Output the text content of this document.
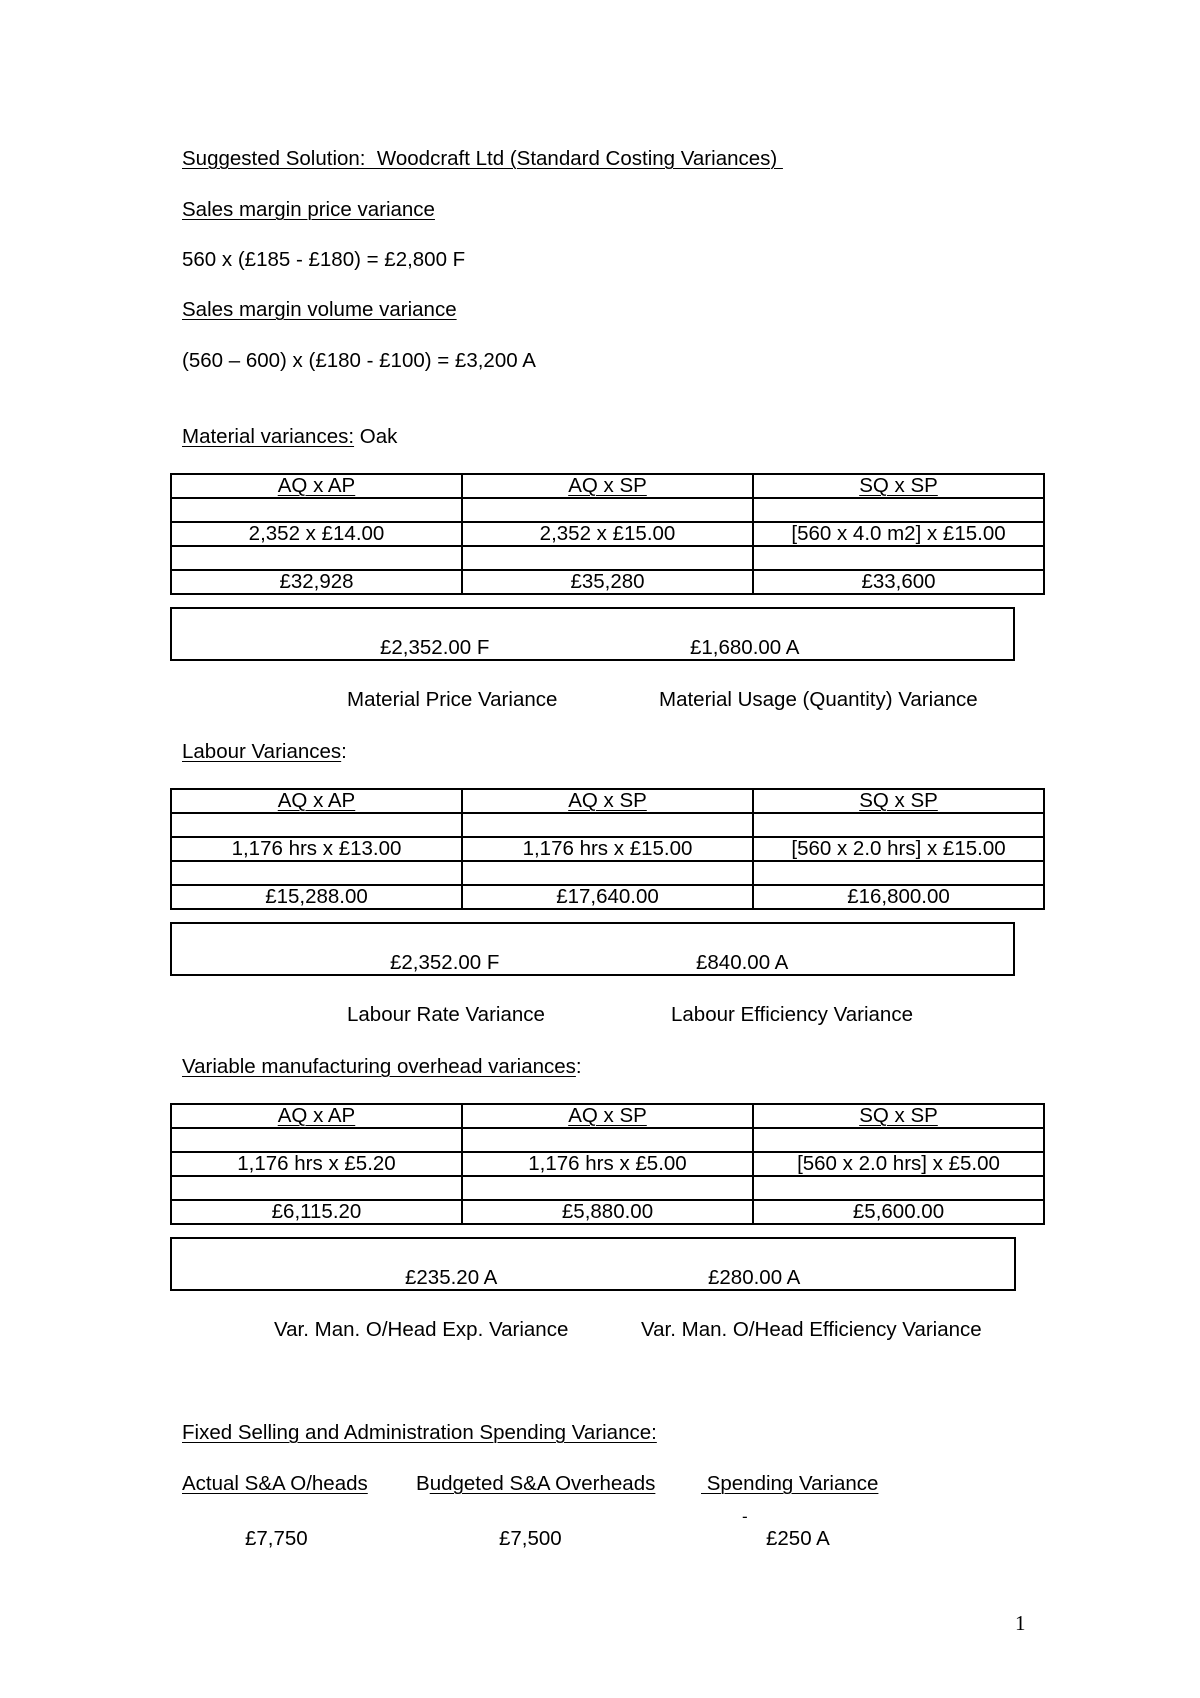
Suggested Solution:  Woodcraft Ltd (Standard Costing Variances)
Sales margin price variance
560 x (£185 - £180) = £2,800 F
Sales margin volume variance
(560 – 600) x (£180 - £100) = £3,200 A
Material variances: Oak
AQ x AP	AQ x SP	SQ x SP

2,352 x £14.00	2,352 x £15.00	[560 x 4.0 m2] x £15.00

£32,928	£35,280	£33,600
£2,352.00 F	£1,680.00 A
Material Price Variance	Material Usage (Quantity) Variance
Labour Variances:
AQ x AP	AQ x SP	SQ x SP

1,176 hrs x £13.00	1,176 hrs x £15.00	[560 x 2.0 hrs] x £15.00

£15,288.00	£17,640.00	£16,800.00
£2,352.00 F	£840.00 A
Labour Rate Variance	Labour Efficiency Variance
Variable manufacturing overhead variances:
AQ x AP	AQ x SP	SQ x SP

1,176 hrs x £5.20	1,176 hrs x £5.00	[560 x 2.0 hrs] x £5.00

£6,115.20	£5,880.00	£5,600.00
£235.20 A	£280.00 A
Var. Man. O/Head Exp. Variance	Var. Man. O/Head Efficiency Variance
Fixed Selling and Administration Spending Variance:
Actual S&A O/heads Budgeted S&A Overheads Spending Variance
-
£7,750	£7,500	£250 A
1
